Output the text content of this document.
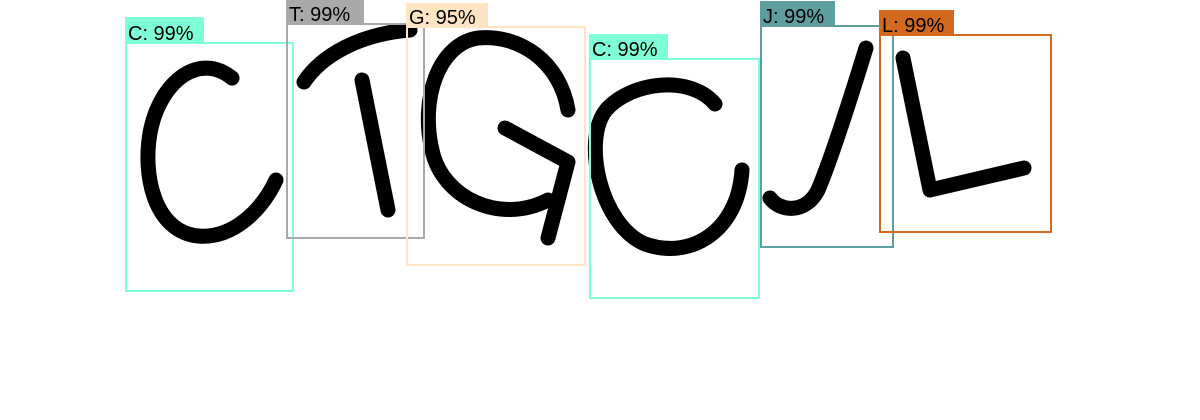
C: 99%
T: 99%	G: 95%
C: 99%
J: 99%	L: 99%
